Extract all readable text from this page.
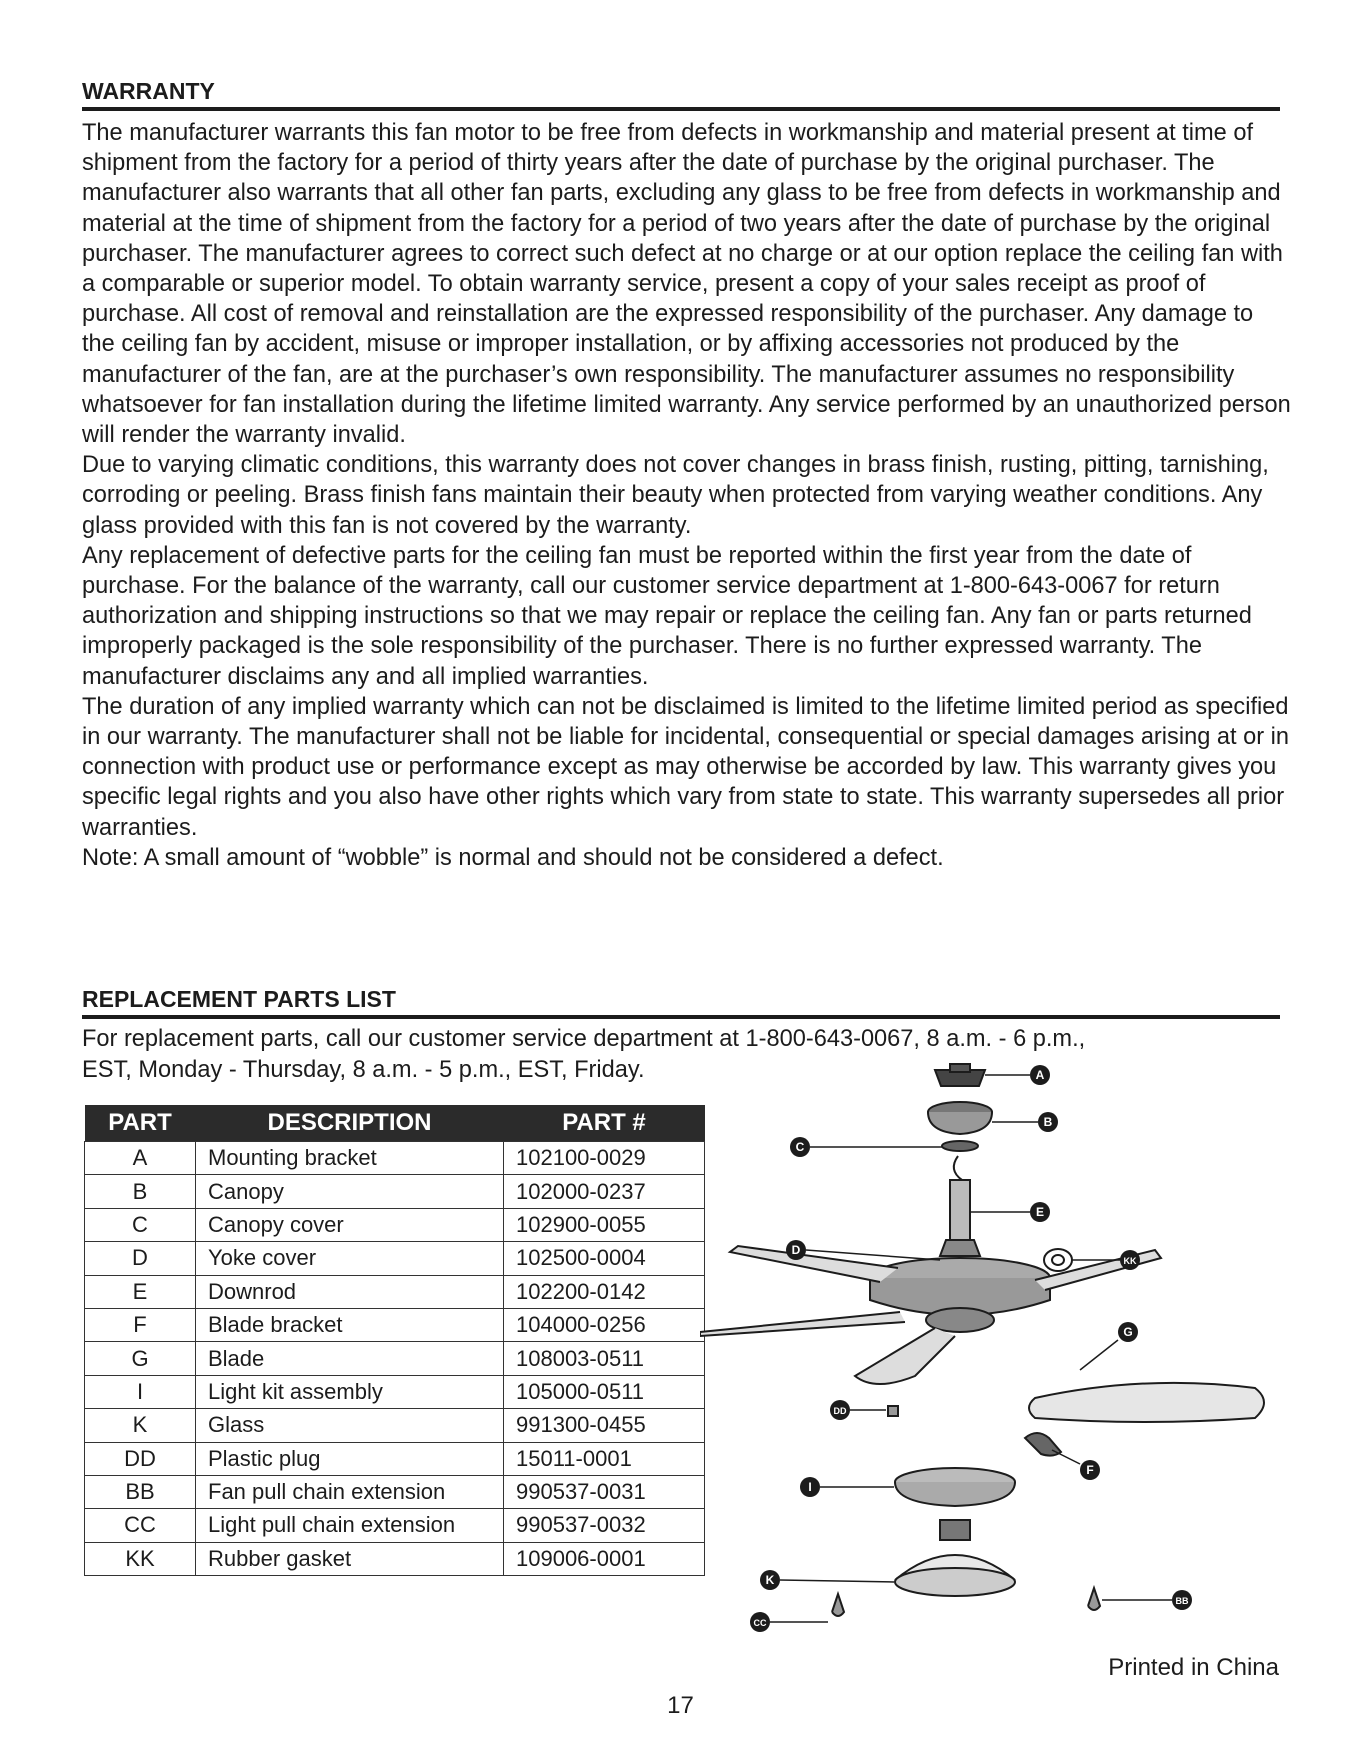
WARRANTY

The manufacturer warrants this fan motor to be free from defects in workmanship and material present at time of shipment from the factory for a period of thirty years after the date of purchase by the original purchaser. The manufacturer also warrants that all other fan parts, excluding any glass to be free from defects in workmanship and material at the time of shipment from the factory for a period of two years after the date of purchase by the original purchaser. The manufacturer agrees to correct such defect at no charge or at our option replace the ceiling fan with a comparable or superior model. To obtain warranty service, present a copy of your sales receipt as proof of purchase. All cost of removal and reinstallation are the expressed responsibility of the purchaser. Any damage to the ceiling fan by accident, misuse or improper installation, or by affixing accessories not produced by the manufacturer of the fan, are at the purchaser’s own responsibility. The manufacturer assumes no responsibility whatsoever for fan installation during the lifetime limited warranty. Any service performed by an unauthorized person will render the warranty invalid.

Due to varying climatic conditions, this warranty does not cover changes in brass finish, rusting, pitting, tarnishing, corroding or peeling. Brass finish fans maintain their beauty when protected from varying weather conditions. Any glass provided with this fan is not covered by the warranty.

Any replacement of defective parts for the ceiling fan must be reported within the first year from the date of purchase. For the balance of the warranty, call our customer service department at 1-800-643-0067 for return authorization and shipping instructions so that we may repair or replace the ceiling fan. Any fan or parts returned improperly packaged is the sole responsibility of the purchaser. There is no further expressed warranty. The manufacturer disclaims any and all implied warranties.

The duration of any implied warranty which can not be disclaimed is limited to the lifetime limited period as specified in our warranty. The manufacturer shall not be liable for incidental, consequential or special damages arising at or in connection with product use or performance except as may otherwise be accorded by law. This warranty gives you specific legal rights and you also have other rights which vary from state to state. This warranty supersedes all prior warranties.

Note: A small amount of “wobble” is normal and should not be considered a defect.

REPLACEMENT PARTS LIST

For replacement parts, call our customer service department at 1-800-643-0067, 8 a.m. - 6 p.m.,

EST, Monday - Thursday, 8 a.m. - 5 p.m., EST, Friday.

PART	DESCRIPTION	PART #
A	Mounting bracket	102100-0029
B	Canopy	102000-0237
C	Canopy cover	102900-0055
D	Yoke cover	102500-0004
E	Downrod	102200-0142
F	Blade bracket	104000-0256
G	Blade	108003-0511
I	Light kit assembly	105000-0511
K	Glass	991300-0455
DD	Plastic plug	15011-0001
BB	Fan pull chain extension	990537-0031
CC	Light pull chain extension	990537-0032
KK	Rubber gasket	109006-0001
A
B
C
E
D
KK
G
DD
F
I
K
BB
CC
Printed in China
17
